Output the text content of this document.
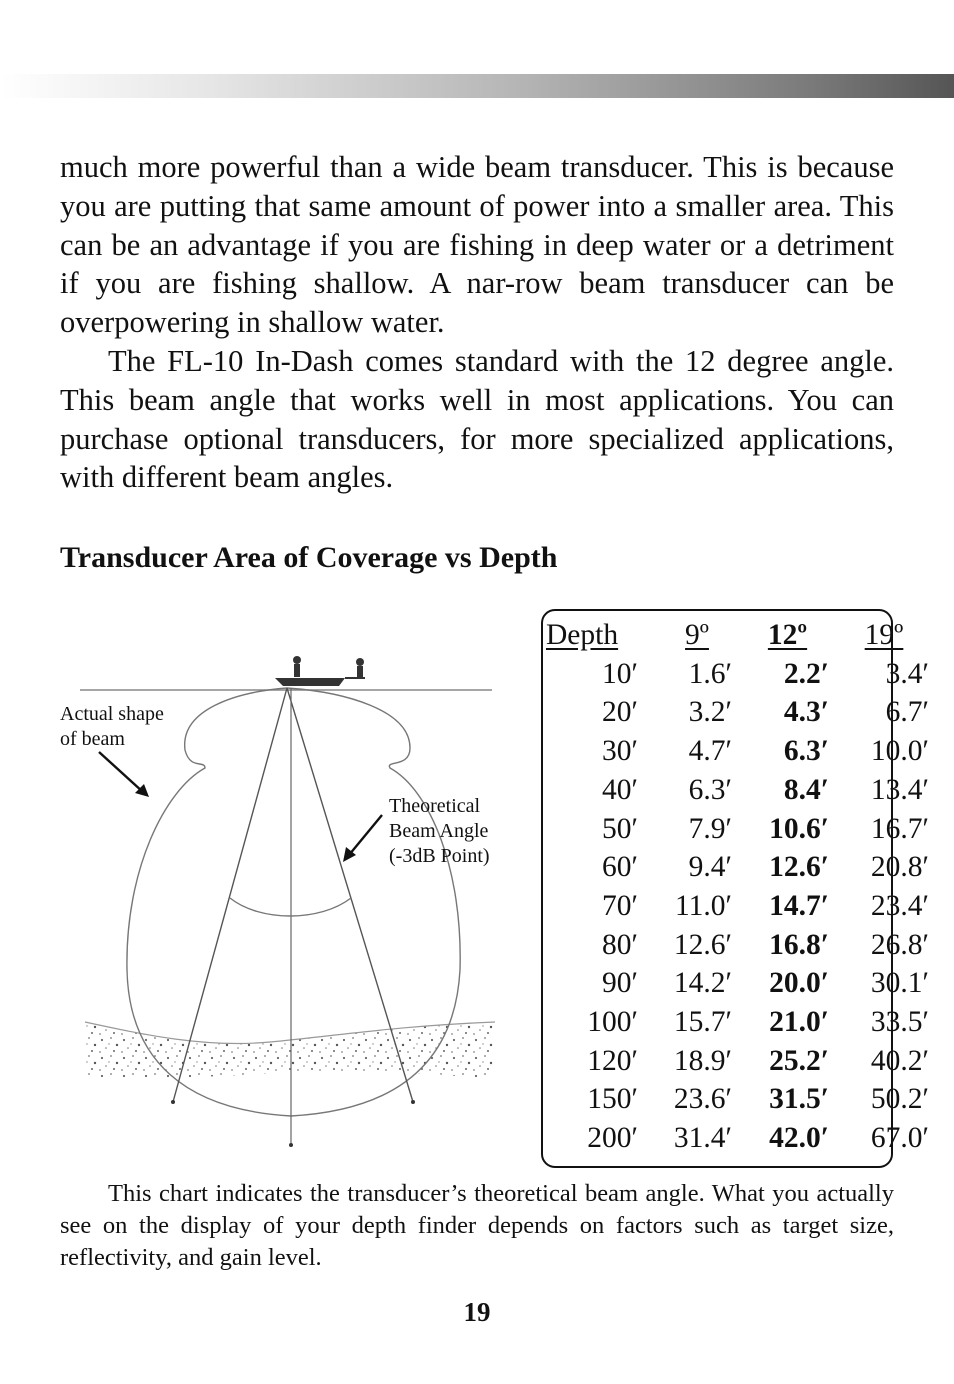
much more powerful than a wide beam transducer. This is because you are putting that same amount of power into a smaller area. This can be an advantage if you are fishing in deep water or a detriment if you are fishing shallow. A nar-row beam transducer can be overpowering in shallow water.

The FL-10 In-Dash comes standard with the 12 degree angle. This beam angle that works well in most applications. You can purchase optional transducers, for more specialized applications, with different beam angles.

Transducer Area of Coverage vs Depth

Actual shape
of beam

Theoretical
Beam Angle
(-3dB Point)

Depth	9º	12º	19º
10′	1.6′	2.2′	3.4′
20′	3.2′	4.3′	6.7′
30′	4.7′	6.3′	10.0′
40′	6.3′	8.4′	13.4′
50′	7.9′	10.6′	16.7′
60′	9.4′	12.6′	20.8′
70′	11.0′	14.7′	23.4′
80′	12.6′	16.8′	26.8′
90′	14.2′	20.0′	30.1′
100′	15.7′	21.0′	33.5′
120′	18.9′	25.2′	40.2′
150′	23.6′	31.5′	50.2′
200′	31.4′	42.0′	67.0′

This chart indicates the transducer’s theoretical beam angle. What you actually see on the display of your depth finder depends on factors such as target size, reflectivity, and gain level.

19
